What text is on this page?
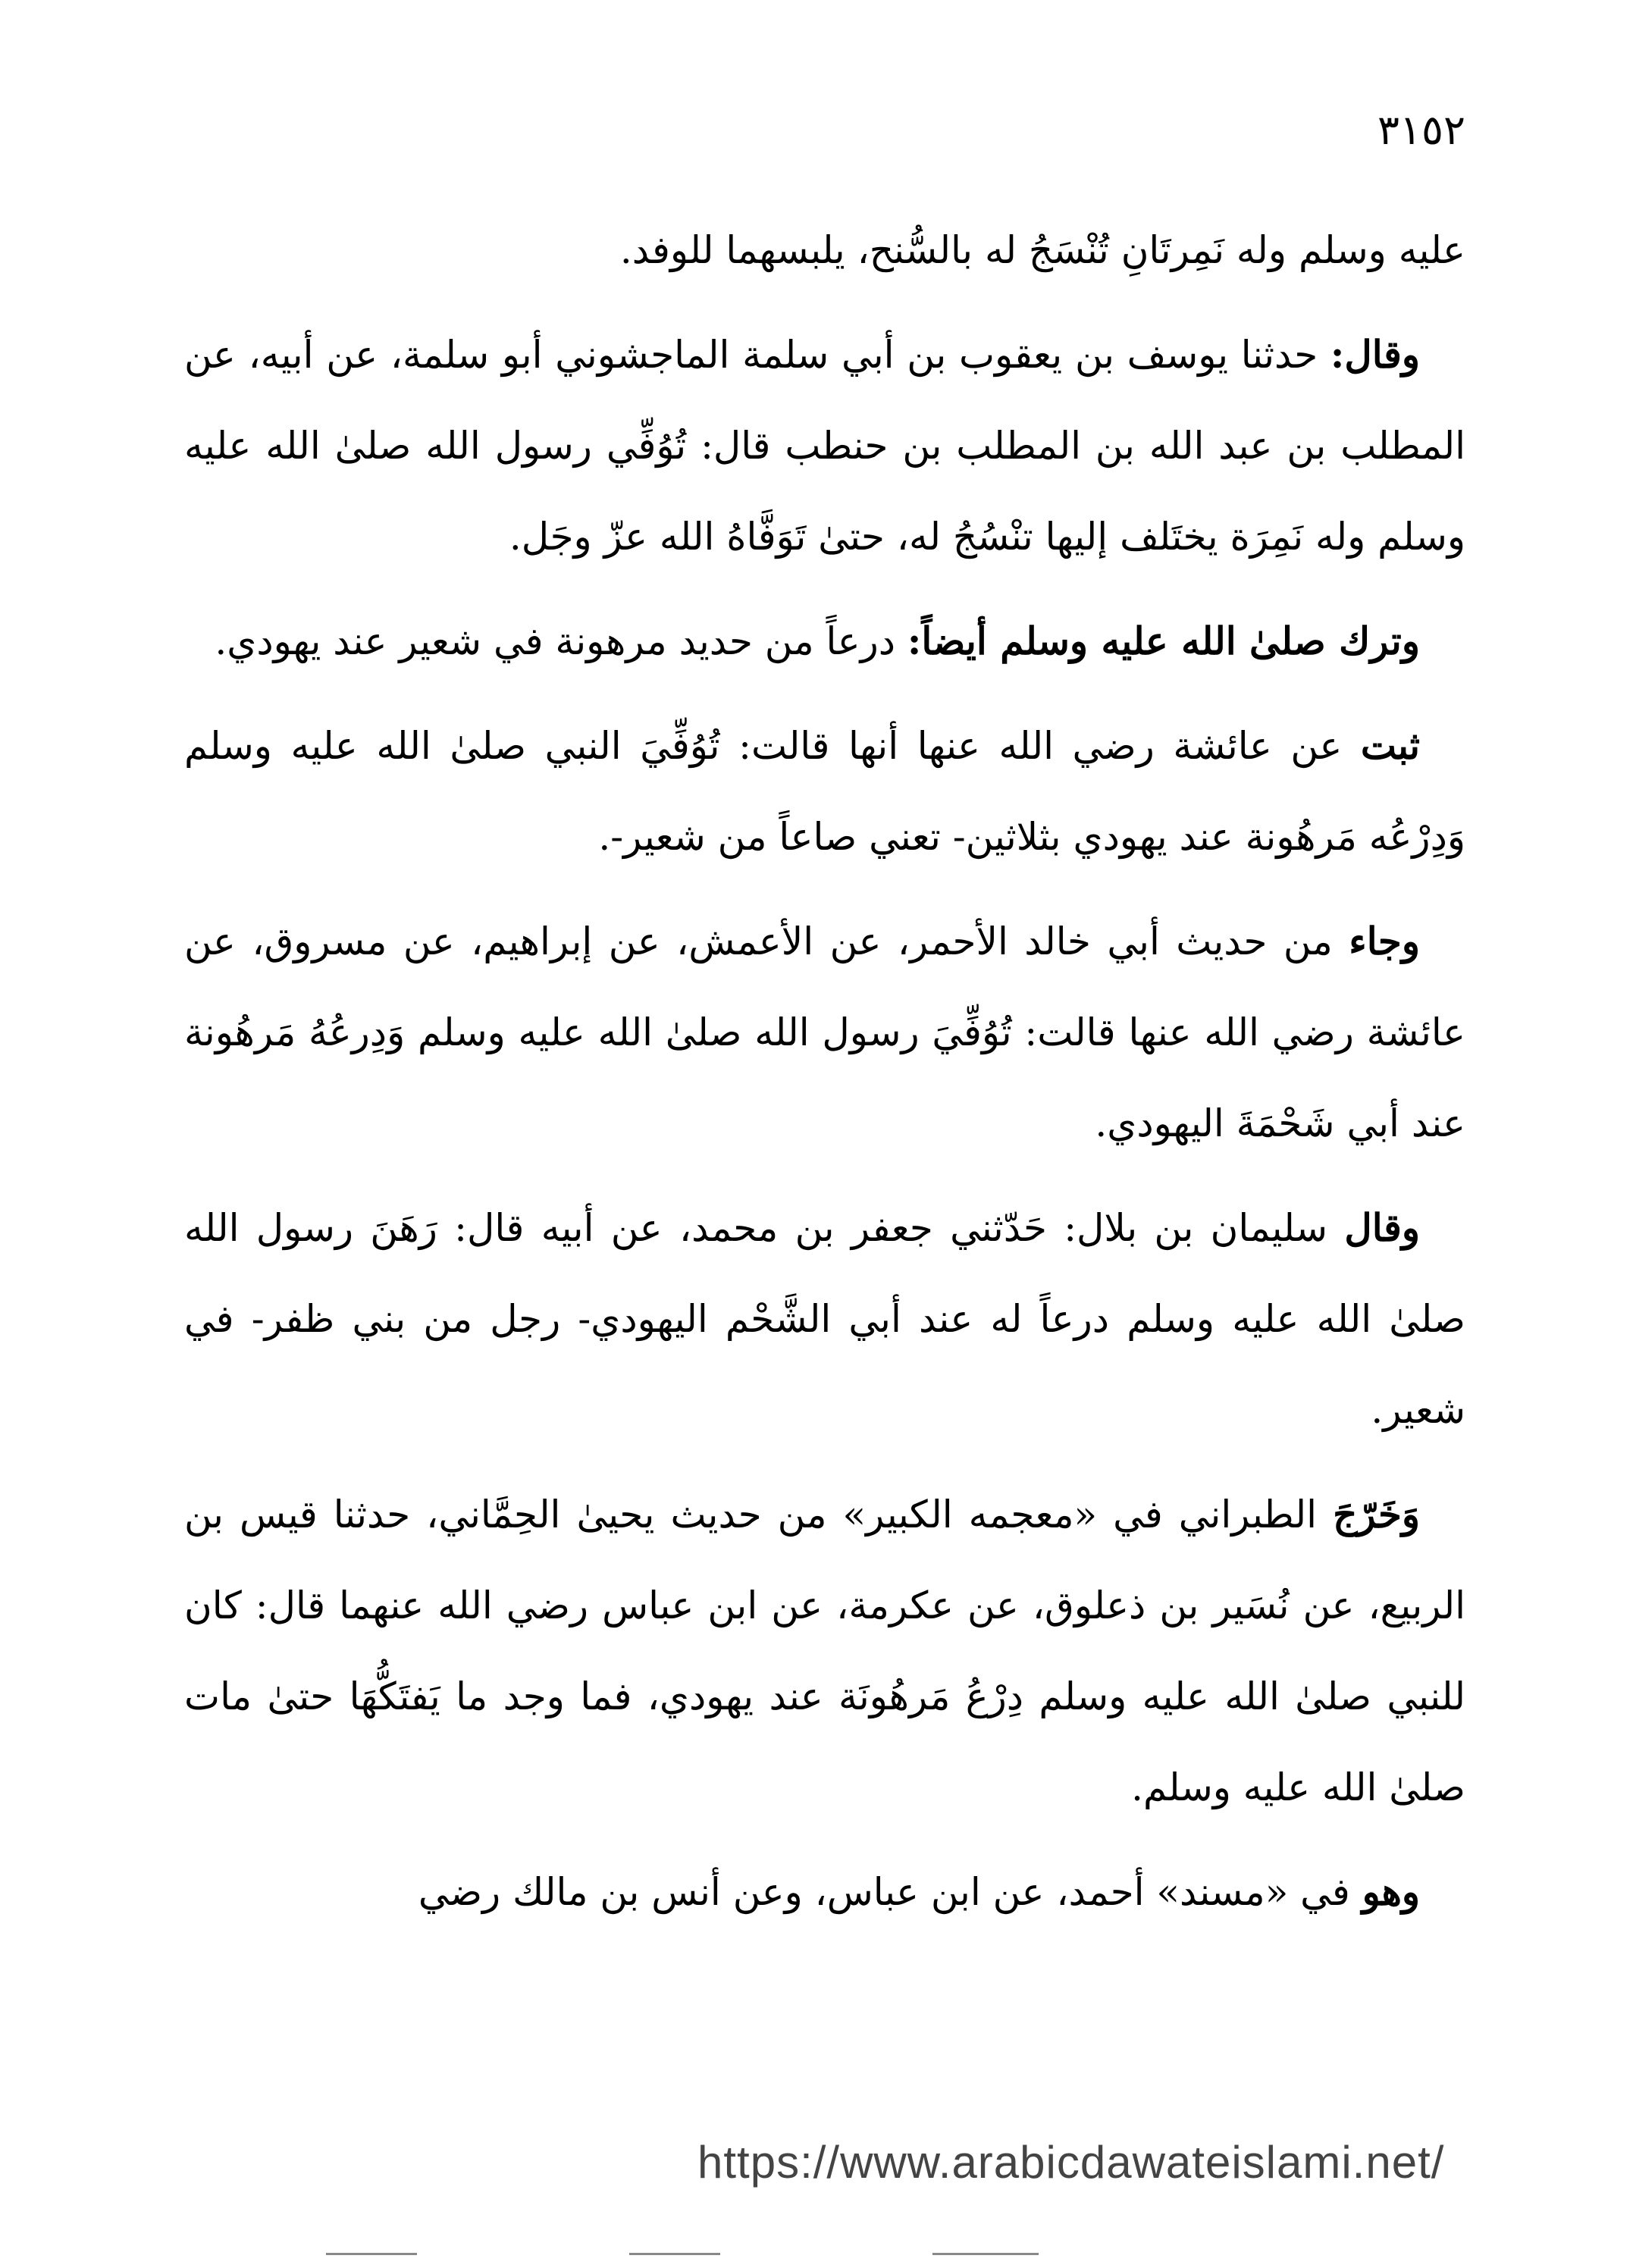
٣١٥٢

عليه وسلم وله نَمِرتَانِ تُنْسَجُ له بالسُّنح، يلبسهما للوفد.

وقال: حدثنا يوسف بن يعقوب بن أبي سلمة الماجشوني أبو سلمة، عن أبيه، عن المطلب بن عبد الله بن المطلب بن حنطب قال: تُوُفِّي رسول الله صلىٰ الله عليه وسلم وله نَمِرَة يختَلف إليها تنْسُجُ له، حتىٰ تَوَفَّاهُ الله عزّ وجَل.

وترك صلىٰ الله عليه وسلم أيضاً: درعاً من حديد مرهونة في شعير عند يهودي.

ثبت عن عائشة رضي الله عنها أنها قالت: تُوُفِّيَ النبي صلىٰ الله عليه وسلم وَدِرْعُه مَرهُونة عند يهودي بثلاثين- تعني صاعاً من شعير-.

وجاء من حديث أبي خالد الأحمر، عن الأعمش، عن إبراهيم، عن مسروق، عن عائشة رضي الله عنها قالت: تُوُفِّيَ رسول الله صلىٰ الله عليه وسلم وَدِرعُهُ مَرهُونة عند أبي شَحْمَةَ اليهودي.

وقال سليمان بن بلال: حَدّثني جعفر بن محمد، عن أبيه قال: رَهَنَ رسول الله صلىٰ الله عليه وسلم درعاً له عند أبي الشَّحْم اليهودي- رجل من بني ظفر- في شعير.

وَخَرّجَ الطبراني في «معجمه الكبير» من حديث يحيىٰ الحِمَّاني، حدثنا قيس بن الربيع، عن نُسَير بن ذعلوق، عن عكرمة، عن ابن عباس رضي الله عنهما قال: كان للنبي صلىٰ الله عليه وسلم دِرْعُ مَرهُونَة عند يهودي، فما وجد ما يَفتَكُّهَا حتىٰ مات صلىٰ الله عليه وسلم.

وهو في «مسند» أحمد، عن ابن عباس، وعن أنس بن مالك رضي

https://www.arabicdawateislami.net/
